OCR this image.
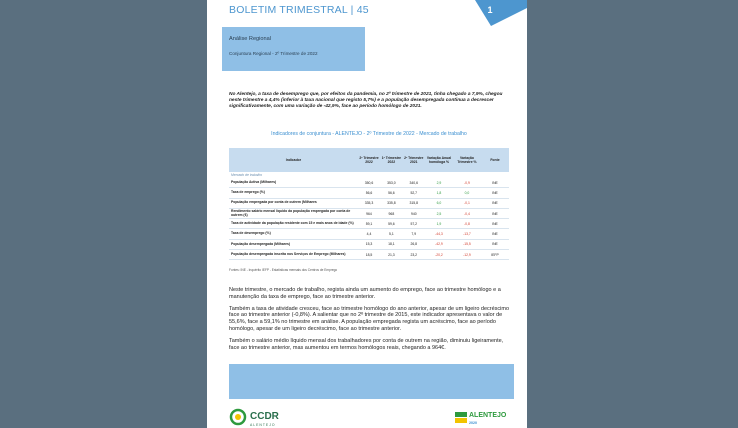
BOLETIM TRIMESTRAL | 45	1
Análise Regional
Conjuntura Regional - 2º Trimestre de 2022
No Alentejo, a taxa de desemprego que, por efeitos da pandemia, no 2º trimestre de 2021, tinha chegado a 7,9%, chegou neste trimestre a 4,4% (inferior à taxa nacional que registo 5,7%) e a população desempregada continua a decrescer significativamente, com uma variação de -42,9%, face ao período homólogo de 2021.
Indicadores de conjuntura - ALENTEJO - 2º Trimestre de 2022 - Mercado de trabalho
Indicador	2º Trimestre 2022	1º Trimestre 2022	2º Trimestre 2021	Variação Anual homóloga %	Variação Trimestre %	Fonte
Mercado de trabalho						
População Activa (Milhares)	350,6	353,0	340,6	2,9	-0,9	INE
Taxa de emprego (%)	56,6	56,6	52,7	1,8	0,0	INE
População empregada por conta de outrem (Milhares	335,3	335,8	315,8	6,0	-0,1	INE
Rendimento salário mensal líquido da população empregada por conta de outrem (€)	964	968	940	2,5	-0,4	INE
Taxa de actividade da população residente com 15 e mais anos de idade (%)	59,1	59,6	57,2	1,9	-0,8	INE
Taxa de desemprego (%)	4,4	5,1	7,9	-44,3	-13,7	INE
População desempregada (Milhares)	15,3	18,1	26,8	-42,9	-15,5	INE
População desempregada inscrita nos Serviços de Emprego (Milhares)	18,5	21,3	23,2	-20,2	-12,9	IEFP
Fontes: INE - Inquérito IEFP - Estatísticas mensais dos Centros de Emprego

Neste trimestre, o mercado de trabalho, regista ainda um aumento do emprego, face ao trimestre homólogo e a manutenção da taxa de emprego, face ao trimestre anterior.

Também a taxa de atividade cresceu, face ao trimestre homólogo do ano anterior, apesar de um ligeiro decréscimo face ao trimestre anterior (-0,8%). A salientar que no 2º trimestre de 2015, este indicador apresentava o valor de 55,6%, face a 59,1% no trimestre em análise. A população empregada regista um acréscimo, face ao período homólogo, apesar de um ligeiro decréscimo, face ao trimestre anterior.

Também o salário médio líquido mensal dos trabalhadores por conta de outrem na região, diminuiu ligeiramente, face ao trimestre anterior, mas aumentou em termos homólogos reais, chegando a 964€.

CCDR
ALENTEJO
ALENTEJO
2020
